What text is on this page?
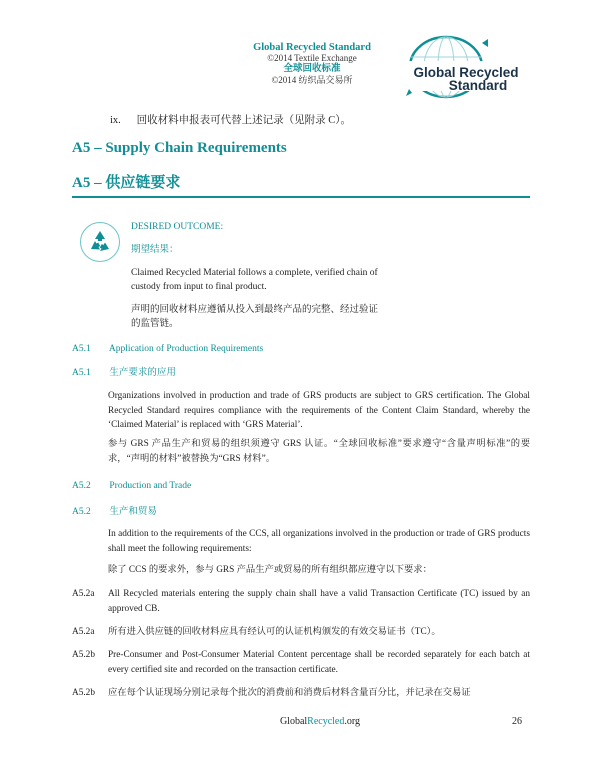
Global Recycled Standard
©2014 Textile Exchange
全球回收标准
©2014 纺织品交易所	Global Recycled
Standard
ix. 回收材料申报表可代替上述记录（见附录 C）。
A5 – Supply Chain Requirements
A5 – 供应链要求

DESIRED OUTCOME:

期望结果：

Claimed Recycled Material follows a complete, verified chain of custody from input to final product.

声明的回收材料应遵循从投入到最终产品的完整、经过验证的监管链。

A5.1 Application of Production Requirements
A5.1 生产要求的应用
Organizations involved in production and trade of GRS products are subject to GRS certification. The Global Recycled Standard requires compliance with the requirements of the Content Claim Standard, whereby the ‘Claimed Material’ is replaced with ‘GRS Material’.
参与 GRS 产品生产和贸易的组织须遵守 GRS 认证。“全球回收标准”要求遵守“含量声明标准”的要求，“声明的材料”被替换为“GRS 材料”。
A5.2 Production and Trade
A5.2 生产和贸易
In addition to the requirements of the CCS, all organizations involved in the production or trade of GRS products shall meet the following requirements:
除了 CCS 的要求外，参与 GRS 产品生产或贸易的所有组织都应遵守以下要求：
A5.2a All Recycled materials entering the supply chain shall have a valid Transaction Certificate (TC) issued by an approved CB.
A5.2a 所有进入供应链的回收材料应具有经认可的认证机构颁发的有效交易证书（TC）。
A5.2b Pre-Consumer and Post-Consumer Material Content percentage shall be recorded separately for each batch at every certified site and recorded on the transaction certificate.
A5.2b 应在每个认证现场分别记录每个批次的消费前和消费后材料含量百分比，并记录在交易证
GlobalRecycled.org	26
